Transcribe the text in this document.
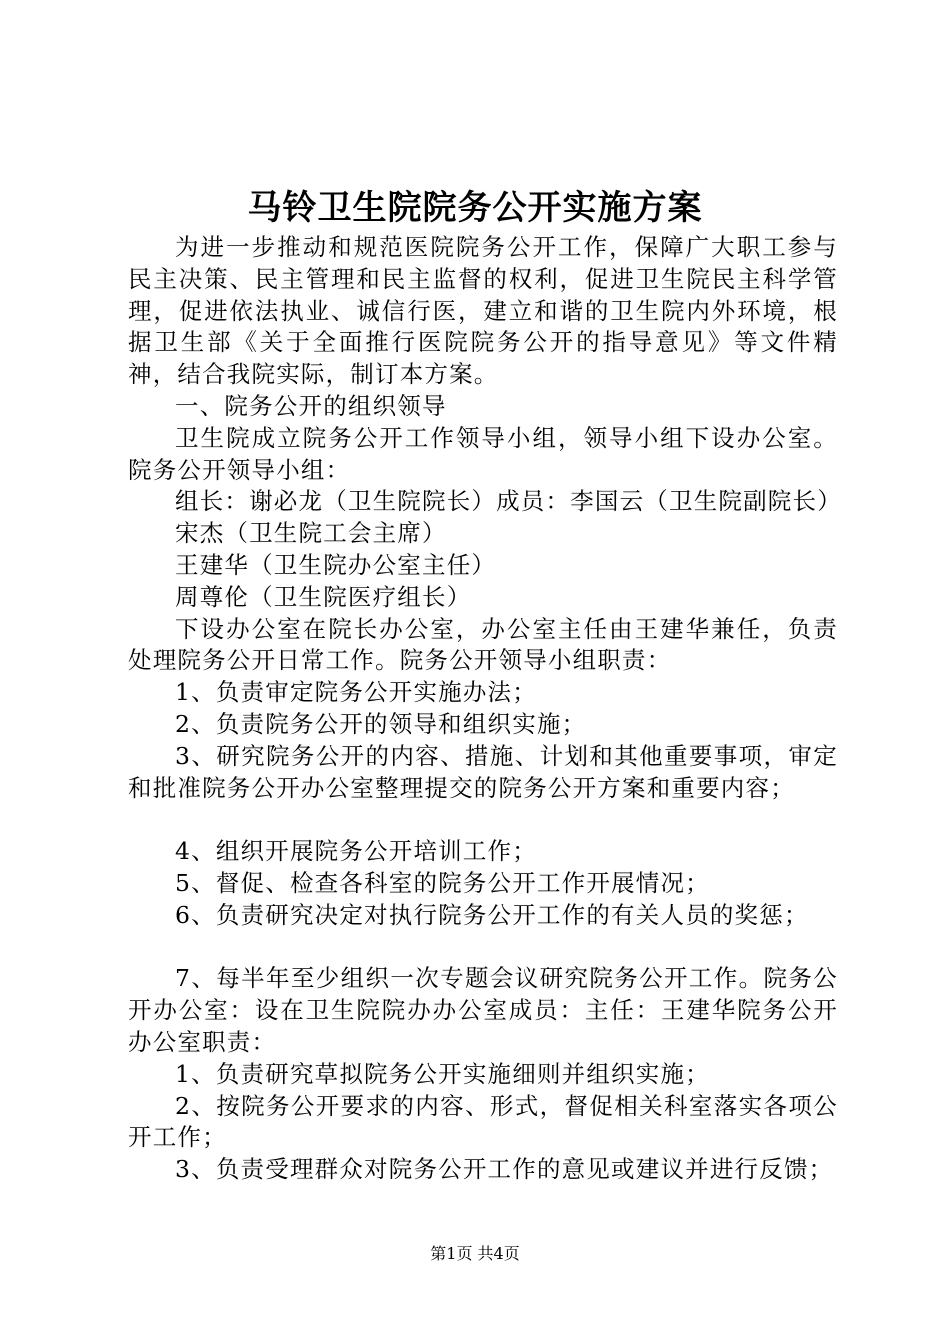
马铃卫生院院务公开实施方案

为进一步推动和规范医院院务公开工作，保障广大职工参与民主决策、民主管理和民主监督的权利，促进卫生院民主科学管理，促进依法执业、诚信行医，建立和谐的卫生院内外环境，根据卫生部《关于全面推行医院院务公开的指导意见》等文件精神，结合我院实际，制订本方案。

一、院务公开的组织领导

卫生院成立院务公开工作领导小组，领导小组下设办公室。院务公开领导小组：

组长：谢必龙（卫生院院长）成员：李国云（卫生院副院长）

宋杰（卫生院工会主席）

王建华（卫生院办公室主任）

周尊伦（卫生院医疗组长）

下设办公室在院长办公室，办公室主任由王建华兼任，负责处理院务公开日常工作。院务公开领导小组职责：

1、负责审定院务公开实施办法；

2、负责院务公开的领导和组织实施；

3、研究院务公开的内容、措施、计划和其他重要事项，审定和批准院务公开办公室整理提交的院务公开方案和重要内容；

4、组织开展院务公开培训工作；

5、督促、检查各科室的院务公开工作开展情况；

6、负责研究决定对执行院务公开工作的有关人员的奖惩；

7、每半年至少组织一次专题会议研究院务公开工作。院务公开办公室：设在卫生院院办办公室成员：主任：王建华院务公开办公室职责：

1、负责研究草拟院务公开实施细则并组织实施；

2、按院务公开要求的内容、形式，督促相关科室落实各项公开工作；

3、负责受理群众对院务公开工作的意见或建议并进行反馈；

第1页 共4页
